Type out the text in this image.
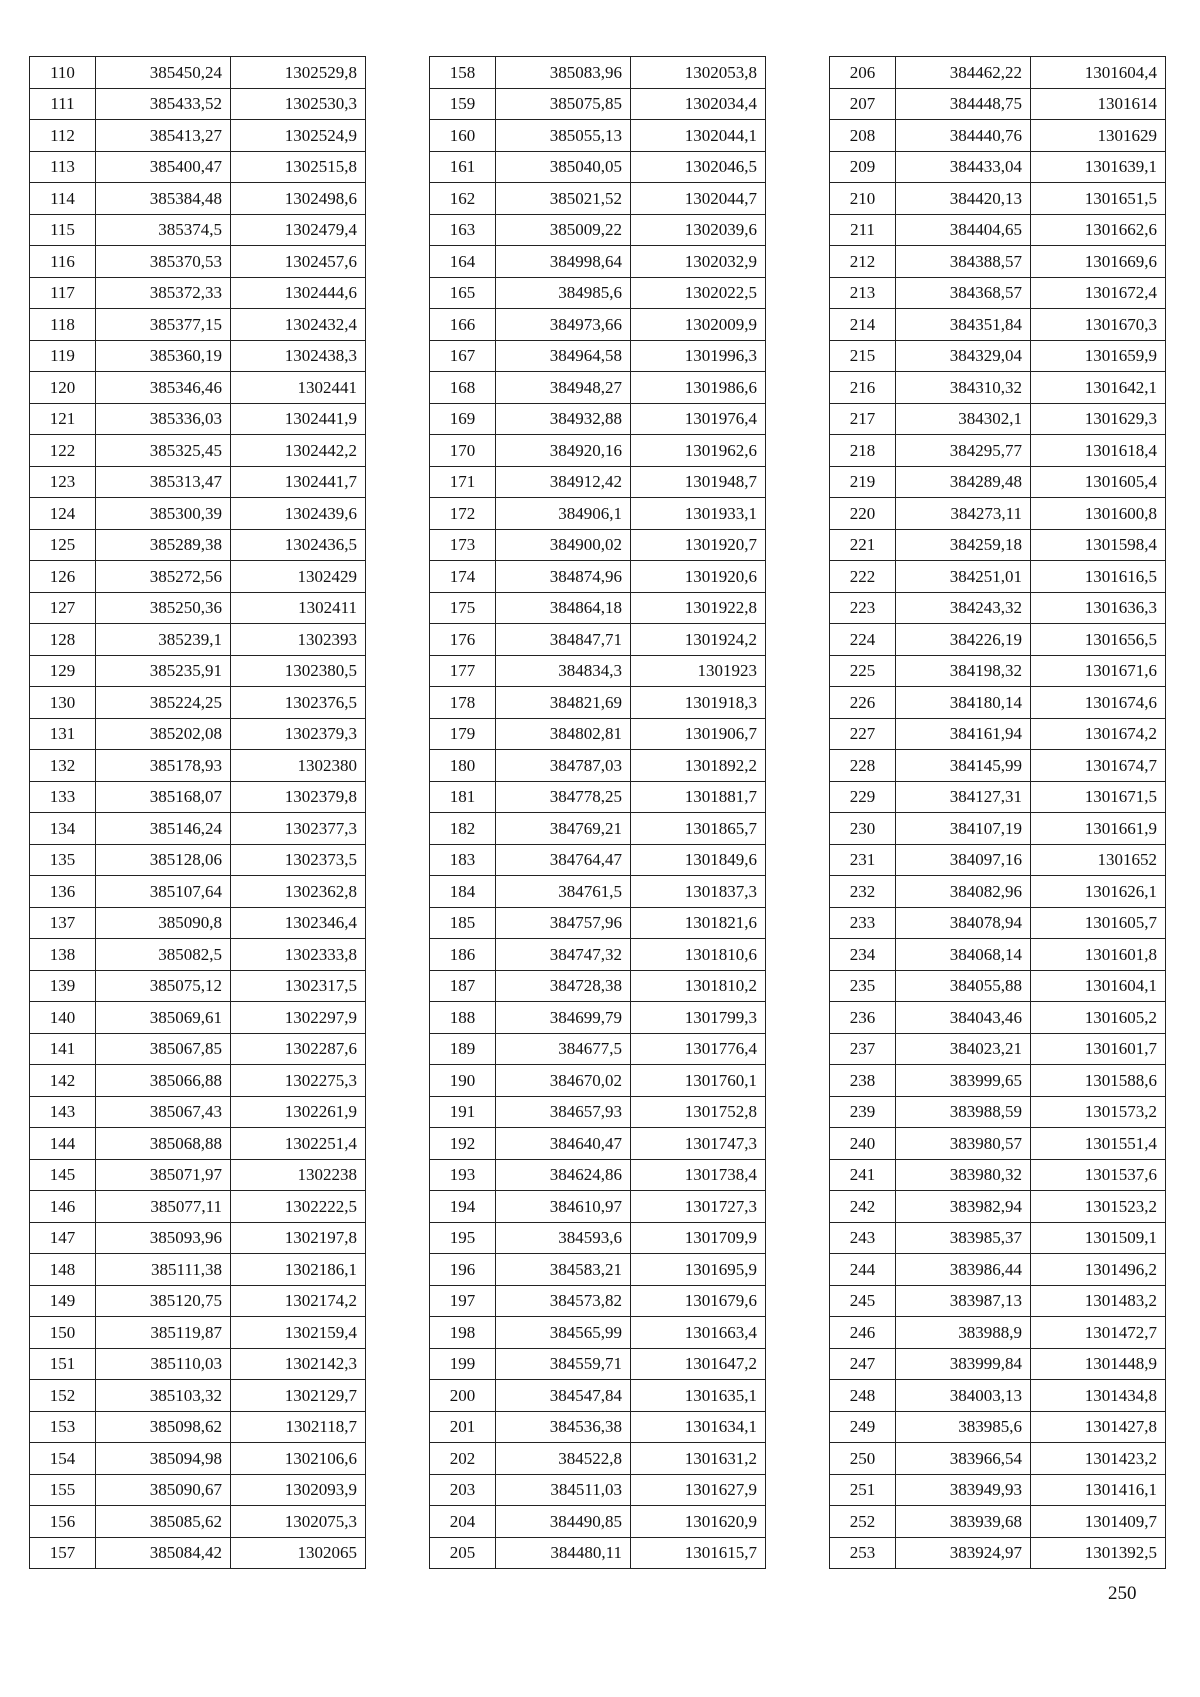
110	385450,24	1302529,8
111	385433,52	1302530,3
112	385413,27	1302524,9
113	385400,47	1302515,8
114	385384,48	1302498,6
115	385374,5	1302479,4
116	385370,53	1302457,6
117	385372,33	1302444,6
118	385377,15	1302432,4
119	385360,19	1302438,3
120	385346,46	1302441
121	385336,03	1302441,9
122	385325,45	1302442,2
123	385313,47	1302441,7
124	385300,39	1302439,6
125	385289,38	1302436,5
126	385272,56	1302429
127	385250,36	1302411
128	385239,1	1302393
129	385235,91	1302380,5
130	385224,25	1302376,5
131	385202,08	1302379,3
132	385178,93	1302380
133	385168,07	1302379,8
134	385146,24	1302377,3
135	385128,06	1302373,5
136	385107,64	1302362,8
137	385090,8	1302346,4
138	385082,5	1302333,8
139	385075,12	1302317,5
140	385069,61	1302297,9
141	385067,85	1302287,6
142	385066,88	1302275,3
143	385067,43	1302261,9
144	385068,88	1302251,4
145	385071,97	1302238
146	385077,11	1302222,5
147	385093,96	1302197,8
148	385111,38	1302186,1
149	385120,75	1302174,2
150	385119,87	1302159,4
151	385110,03	1302142,3
152	385103,32	1302129,7
153	385098,62	1302118,7
154	385094,98	1302106,6
155	385090,67	1302093,9
156	385085,62	1302075,3
157	385084,42	1302065
158	385083,96	1302053,8
159	385075,85	1302034,4
160	385055,13	1302044,1
161	385040,05	1302046,5
162	385021,52	1302044,7
163	385009,22	1302039,6
164	384998,64	1302032,9
165	384985,6	1302022,5
166	384973,66	1302009,9
167	384964,58	1301996,3
168	384948,27	1301986,6
169	384932,88	1301976,4
170	384920,16	1301962,6
171	384912,42	1301948,7
172	384906,1	1301933,1
173	384900,02	1301920,7
174	384874,96	1301920,6
175	384864,18	1301922,8
176	384847,71	1301924,2
177	384834,3	1301923
178	384821,69	1301918,3
179	384802,81	1301906,7
180	384787,03	1301892,2
181	384778,25	1301881,7
182	384769,21	1301865,7
183	384764,47	1301849,6
184	384761,5	1301837,3
185	384757,96	1301821,6
186	384747,32	1301810,6
187	384728,38	1301810,2
188	384699,79	1301799,3
189	384677,5	1301776,4
190	384670,02	1301760,1
191	384657,93	1301752,8
192	384640,47	1301747,3
193	384624,86	1301738,4
194	384610,97	1301727,3
195	384593,6	1301709,9
196	384583,21	1301695,9
197	384573,82	1301679,6
198	384565,99	1301663,4
199	384559,71	1301647,2
200	384547,84	1301635,1
201	384536,38	1301634,1
202	384522,8	1301631,2
203	384511,03	1301627,9
204	384490,85	1301620,9
205	384480,11	1301615,7
206	384462,22	1301604,4
207	384448,75	1301614
208	384440,76	1301629
209	384433,04	1301639,1
210	384420,13	1301651,5
211	384404,65	1301662,6
212	384388,57	1301669,6
213	384368,57	1301672,4
214	384351,84	1301670,3
215	384329,04	1301659,9
216	384310,32	1301642,1
217	384302,1	1301629,3
218	384295,77	1301618,4
219	384289,48	1301605,4
220	384273,11	1301600,8
221	384259,18	1301598,4
222	384251,01	1301616,5
223	384243,32	1301636,3
224	384226,19	1301656,5
225	384198,32	1301671,6
226	384180,14	1301674,6
227	384161,94	1301674,2
228	384145,99	1301674,7
229	384127,31	1301671,5
230	384107,19	1301661,9
231	384097,16	1301652
232	384082,96	1301626,1
233	384078,94	1301605,7
234	384068,14	1301601,8
235	384055,88	1301604,1
236	384043,46	1301605,2
237	384023,21	1301601,7
238	383999,65	1301588,6
239	383988,59	1301573,2
240	383980,57	1301551,4
241	383980,32	1301537,6
242	383982,94	1301523,2
243	383985,37	1301509,1
244	383986,44	1301496,2
245	383987,13	1301483,2
246	383988,9	1301472,7
247	383999,84	1301448,9
248	384003,13	1301434,8
249	383985,6	1301427,8
250	383966,54	1301423,2
251	383949,93	1301416,1
252	383939,68	1301409,7
253	383924,97	1301392,5
250
